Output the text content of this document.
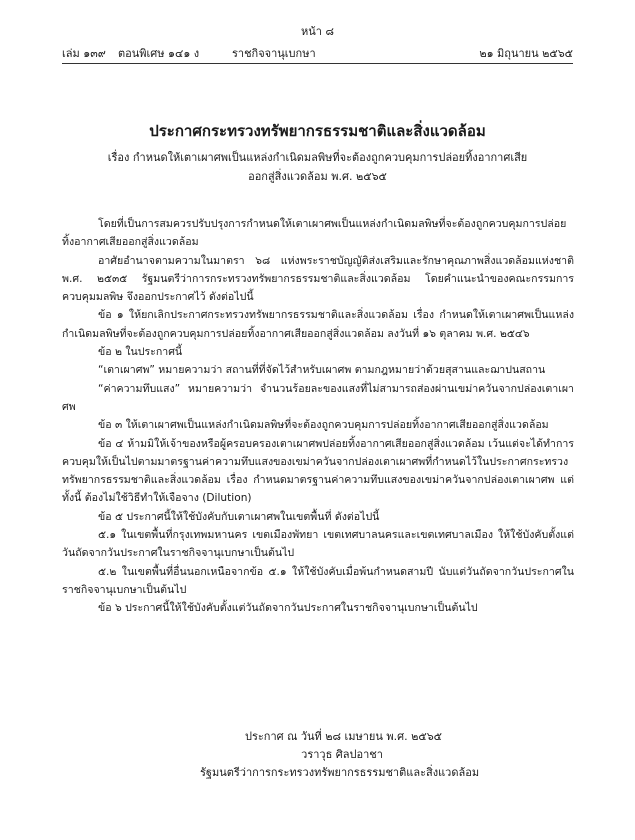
หน้า ๘
เล่ม ๑๓๙ ตอนพิเศษ ๑๔๑ ง	ราชกิจจานุเบกษา	๒๑ มิถุนายน ๒๕๖๕
ประกาศกระทรวงทรัพยากรธรรมชาติและสิ่งแวดล้อม
เรื่อง กำหนดให้เตาเผาศพเป็นแหล่งกำเนิดมลพิษที่จะต้องถูกควบคุมการปล่อยทิ้งอากาศเสีย
ออกสู่สิ่งแวดล้อม พ.ศ. ๒๕๖๕

โดยที่เป็นการสมควรปรับปรุงการกำหนดให้เตาเผาศพเป็นแหล่งกำเนิดมลพิษที่จะต้องถูกควบคุมการปล่อยทิ้งอากาศเสียออกสู่สิ่งแวดล้อม

อาศัยอำนาจตามความในมาตรา ๖๘ แห่งพระราชบัญญัติส่งเสริมและรักษาคุณภาพสิ่งแวดล้อมแห่งชาติ พ.ศ. ๒๕๓๕ รัฐมนตรีว่าการกระทรวงทรัพยากรธรรมชาติและสิ่งแวดล้อม โดยคำแนะนำของคณะกรรมการควบคุมมลพิษ จึงออกประกาศไว้ ดังต่อไปนี้

ข้อ ๑ ให้ยกเลิกประกาศกระทรวงทรัพยากรธรรมชาติและสิ่งแวดล้อม เรื่อง กำหนดให้เตาเผาศพเป็นแหล่งกำเนิดมลพิษที่จะต้องถูกควบคุมการปล่อยทิ้งอากาศเสียออกสู่สิ่งแวดล้อม ลงวันที่ ๑๖ ตุลาคม พ.ศ. ๒๕๔๖

ข้อ ๒ ในประกาศนี้

“เตาเผาศพ” หมายความว่า สถานที่ที่จัดไว้สำหรับเผาศพ ตามกฎหมายว่าด้วยสุสานและฌาปนสถาน

“ค่าความทึบแสง” หมายความว่า จำนวนร้อยละของแสงที่ไม่สามารถส่องผ่านเขม่าควันจากปล่องเตาเผาศพ

ข้อ ๓ ให้เตาเผาศพเป็นแหล่งกำเนิดมลพิษที่จะต้องถูกควบคุมการปล่อยทิ้งอากาศเสียออกสู่สิ่งแวดล้อม

ข้อ ๔ ห้ามมิให้เจ้าของหรือผู้ครอบครองเตาเผาศพปล่อยทิ้งอากาศเสียออกสู่สิ่งแวดล้อม เว้นแต่จะได้ทำการควบคุมให้เป็นไปตามมาตรฐานค่าความทึบแสงของเขม่าควันจากปล่องเตาเผาศพที่กำหนดไว้ในประกาศกระทรวงทรัพยากรธรรมชาติและสิ่งแวดล้อม เรื่อง กำหนดมาตรฐานค่าความทึบแสงของเขม่าควันจากปล่องเตาเผาศพ แต่ทั้งนี้ ต้องไม่ใช้วิธีทำให้เจือจาง (Dilution)

ข้อ ๕ ประกาศนี้ให้ใช้บังคับกับเตาเผาศพในเขตพื้นที่ ดังต่อไปนี้

๕.๑ ในเขตพื้นที่กรุงเทพมหานคร เขตเมืองพัทยา เขตเทศบาลนครและเขตเทศบาลเมือง ให้ใช้บังคับตั้งแต่วันถัดจากวันประกาศในราชกิจจานุเบกษาเป็นต้นไป

๕.๒ ในเขตพื้นที่อื่นนอกเหนือจากข้อ ๕.๑ ให้ใช้บังคับเมื่อพ้นกำหนดสามปี นับแต่วันถัดจากวันประกาศในราชกิจจานุเบกษาเป็นต้นไป

ข้อ ๖ ประกาศนี้ให้ใช้บังคับตั้งแต่วันถัดจากวันประกาศในราชกิจจานุเบกษาเป็นต้นไป

ประกาศ ณ วันที่ ๒๘ เมษายน พ.ศ. ๒๕๖๕
วราวุธ ศิลปอาชา
รัฐมนตรีว่าการกระทรวงทรัพยากรธรรมชาติและสิ่งแวดล้อม
